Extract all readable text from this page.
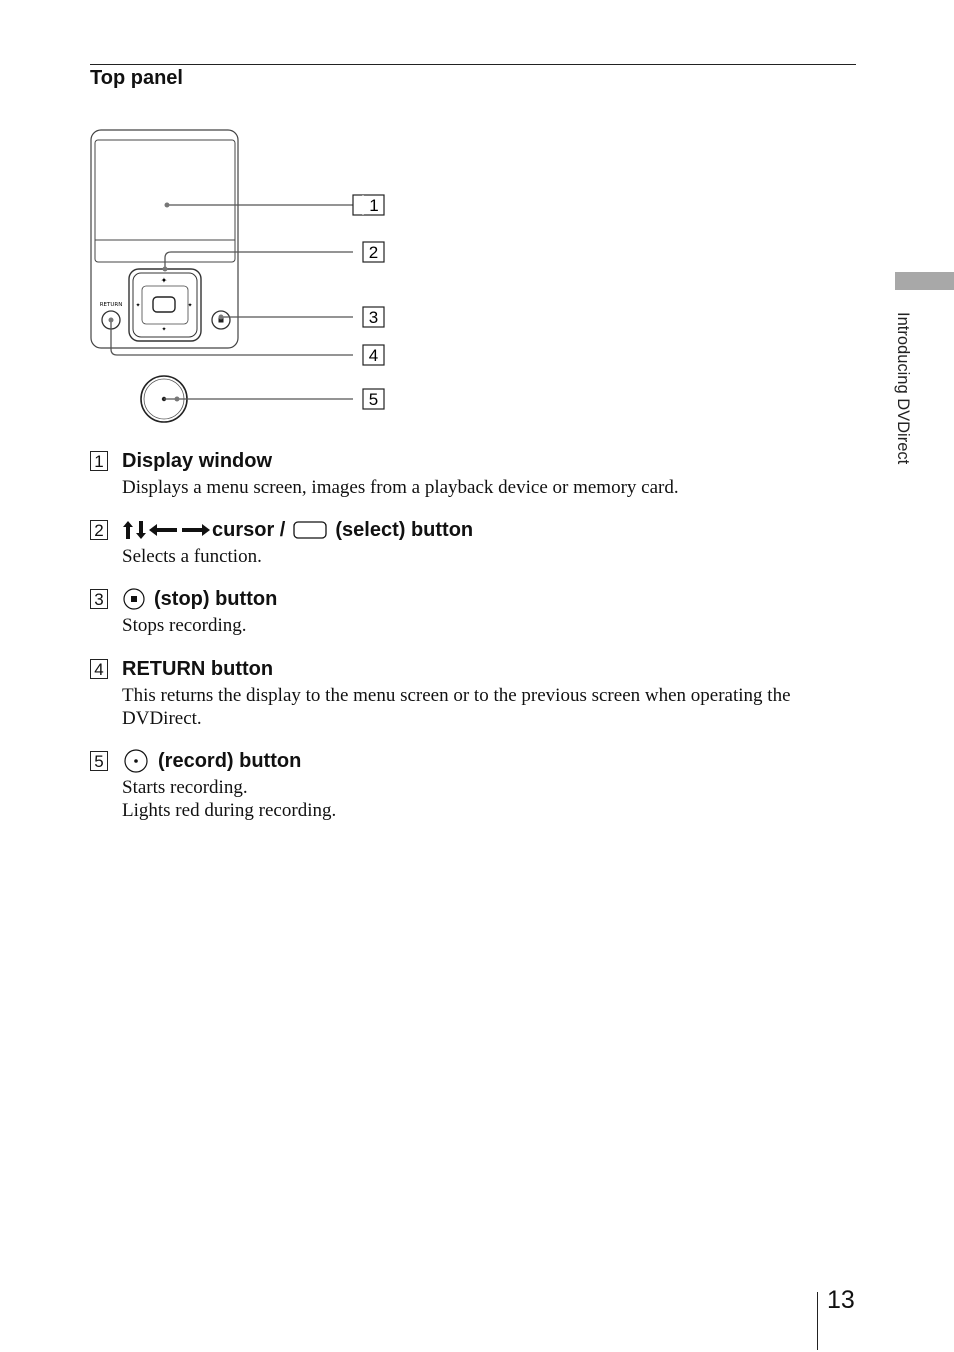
Top panel
✦
✦
✦	✦
RETURN
1
2
3
4
5
1 Display window
Displays a menu screen, images from a playback device or memory card.
2	cursor /	(select) button
Selects a function.
3	(stop) button
Stops recording.
4 RETURN button
This returns the display to the menu screen or to the previous screen when operating the DVDirect.
5	(record) button
Starts recording.
Lights red during recording.
Introducing DVDirect
13
